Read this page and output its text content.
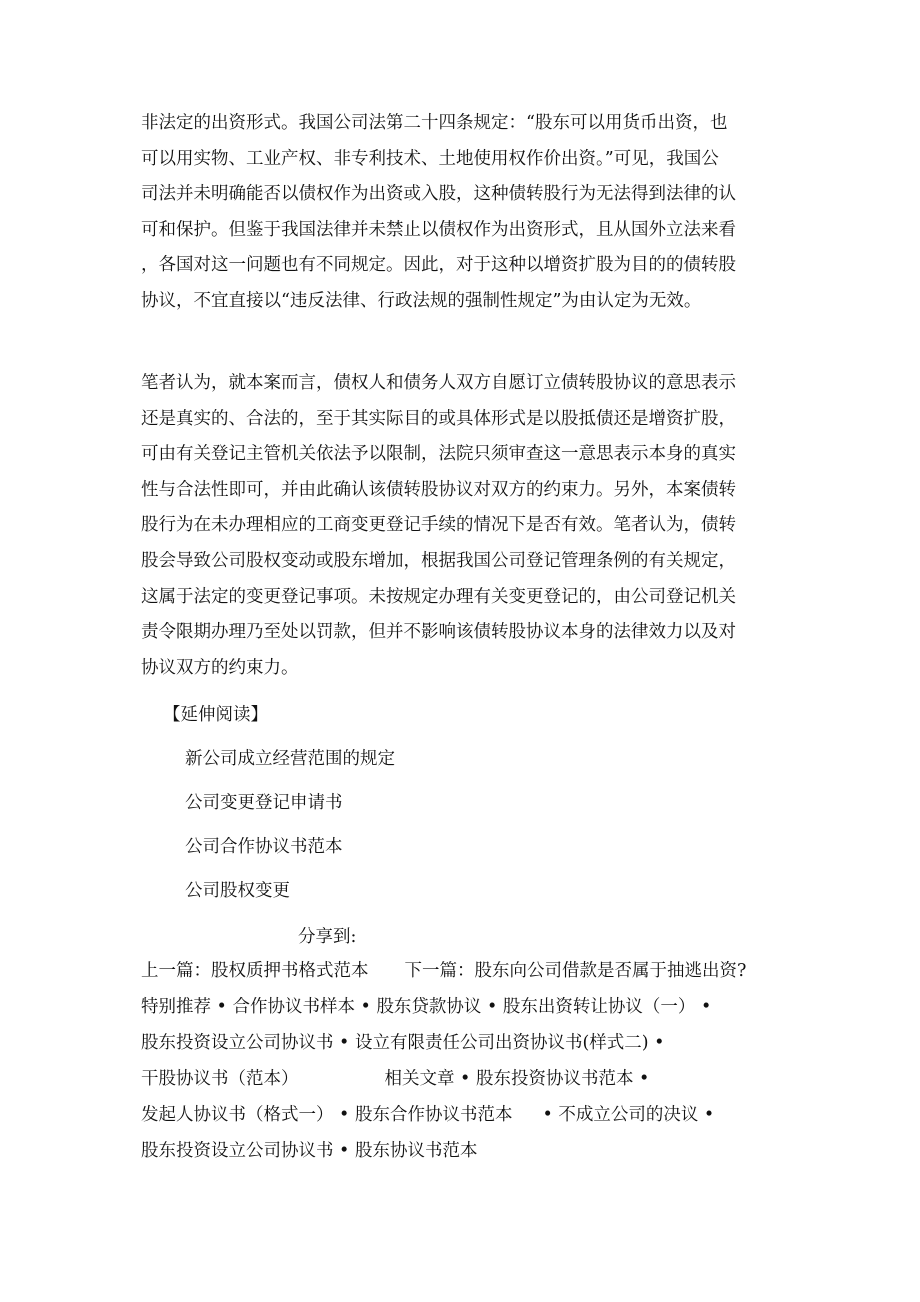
非法定的出资形式。我国公司法第二十四条规定：“股东可以用货币出资，也
可以用实物、工业产权、非专利技术、土地使用权作价出资。”可见，我国公
司法并未明确能否以债权作为出资或入股，这种债转股行为无法得到法律的认
可和保护。但鉴于我国法律并未禁止以债权作为出资形式，且从国外立法来看
，各国对这一问题也有不同规定。因此，对于这种以增资扩股为目的的债转股
协议，不宜直接以“违反法律、行政法规的强制性规定”为由认定为无效。
笔者认为，就本案而言，债权人和债务人双方自愿订立债转股协议的意思表示
还是真实的、合法的，至于其实际目的或具体形式是以股抵债还是增资扩股，
可由有关登记主管机关依法予以限制，法院只须审查这一意思表示本身的真实
性与合法性即可，并由此确认该债转股协议对双方的约束力。另外，本案债转
股行为在未办理相应的工商变更登记手续的情况下是否有效。笔者认为，债转
股会导致公司股权变动或股东增加，根据我国公司登记管理条例的有关规定，
这属于法定的变更登记事项。未按规定办理有关变更登记的，由公司登记机关
责令限期办理乃至处以罚款，但并不影响该债转股协议本身的法律效力以及对
协议双方的约束力。
【延伸阅读】
新公司成立经营范围的规定
公司变更登记申请书
公司合作协议书范本
公司股权变更
分享到:
上一篇：股权质押书格式范本 下一篇：股东向公司借款是否属于抽逃出资?
特别推荐 • 合作协议书样本 • 股东贷款协议 • 股东出资转让协议（一） •
股东投资设立公司协议书 • 设立有限责任公司出资协议书(样式二) •
干股协议书（范本）	相关文章 • 股东投资协议书范本 •
发起人协议书（格式一） • 股东合作协议书范本 • 不成立公司的决议 •
股东投资设立公司协议书 • 股东协议书范本
